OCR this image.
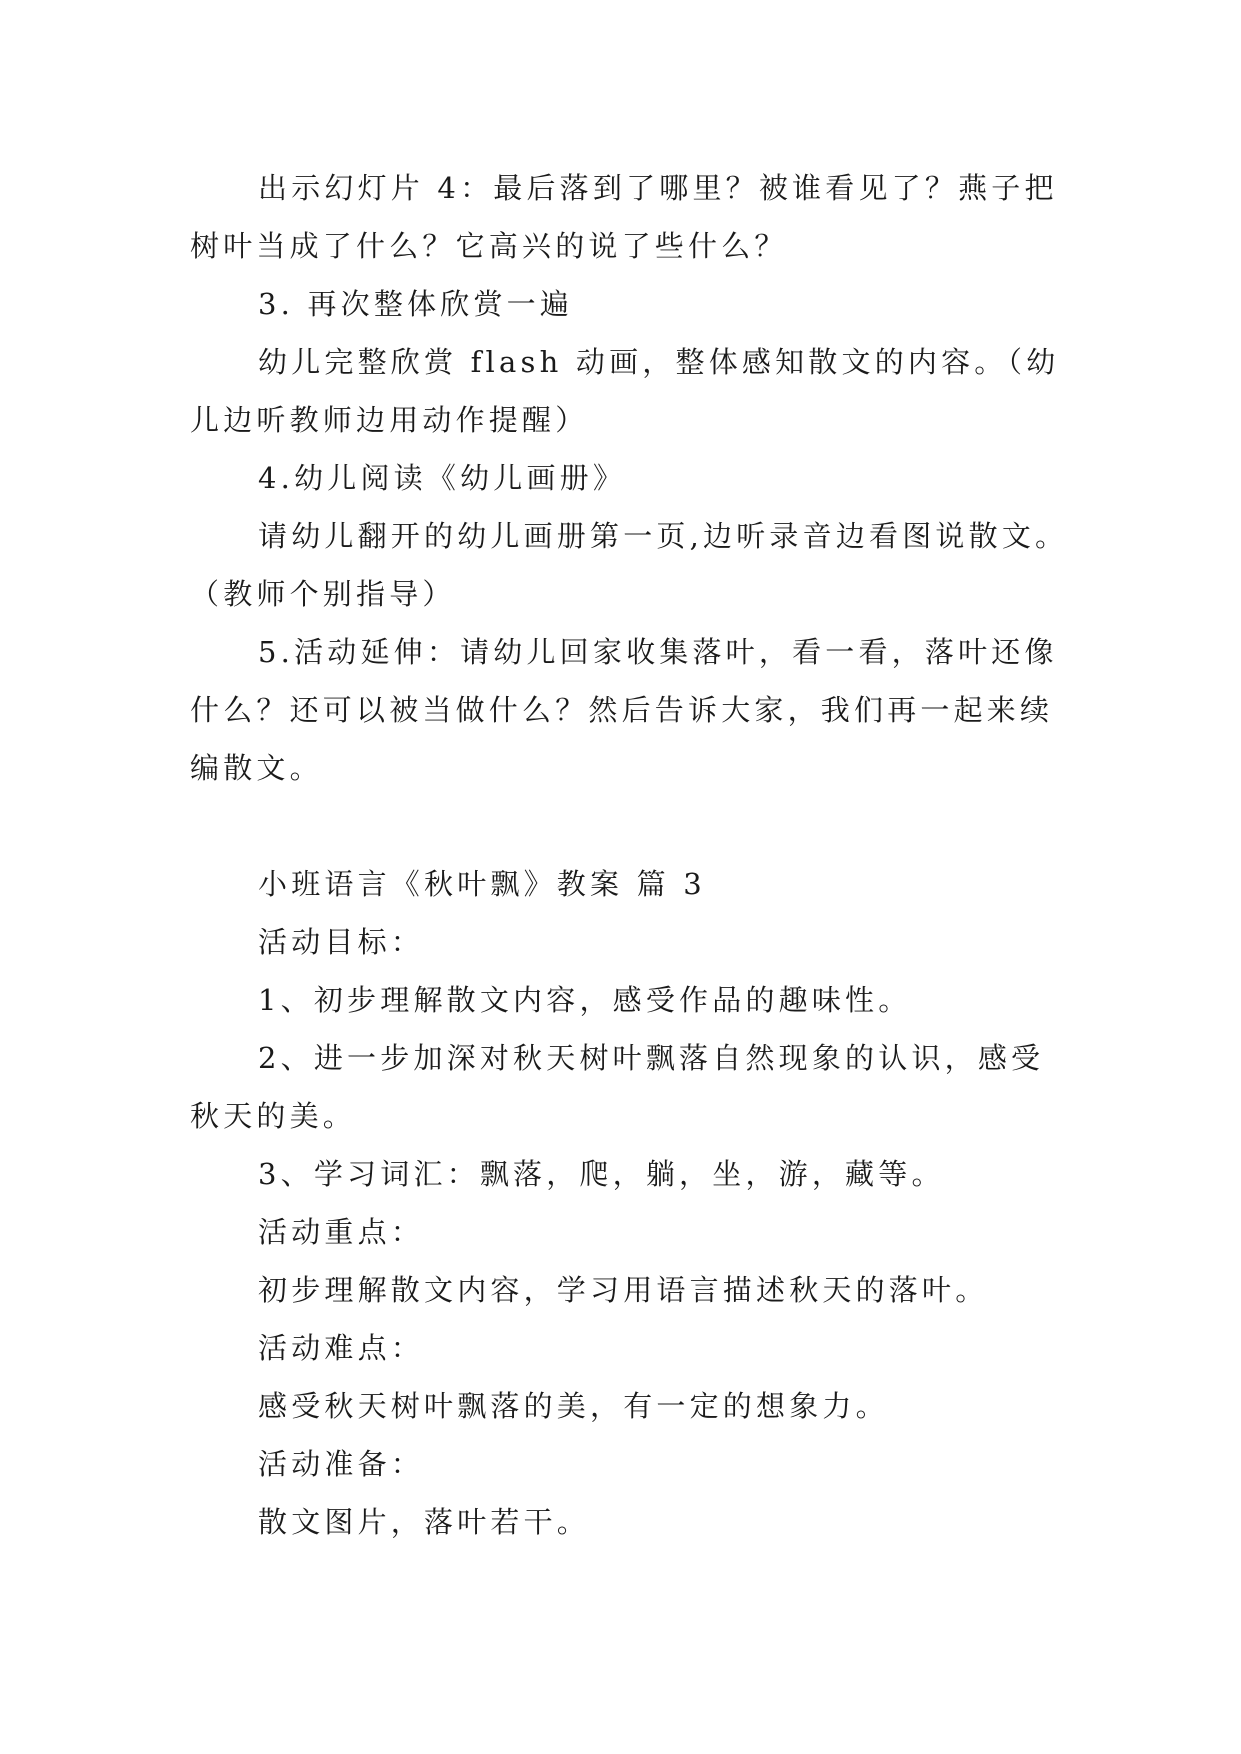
出示幻灯片 4：最后落到了哪里？被谁看见了？燕子把
树叶当成了什么？它高兴的说了些什么？
3. 再次整体欣赏一遍
幼儿完整欣赏 flash 动画，整体感知散文的内容。（幼
儿边听教师边用动作提醒）
4.幼儿阅读《幼儿画册》
请幼儿翻开的幼儿画册第一页,边听录音边看图说散文。
（教师个别指导）
5.活动延伸：请幼儿回家收集落叶，看一看，落叶还像
什么？还可以被当做什么？然后告诉大家，我们再一起来续
编散文。
小班语言《秋叶飘》教案 篇 3
活动目标：
1、初步理解散文内容，感受作品的趣味性。
2、进一步加深对秋天树叶飘落自然现象的认识，感受
秋天的美。
3、学习词汇：飘落，爬，躺，坐，游，藏等。
活动重点：
初步理解散文内容，学习用语言描述秋天的落叶。
活动难点：
感受秋天树叶飘落的美，有一定的想象力。
活动准备：
散文图片，落叶若干。
